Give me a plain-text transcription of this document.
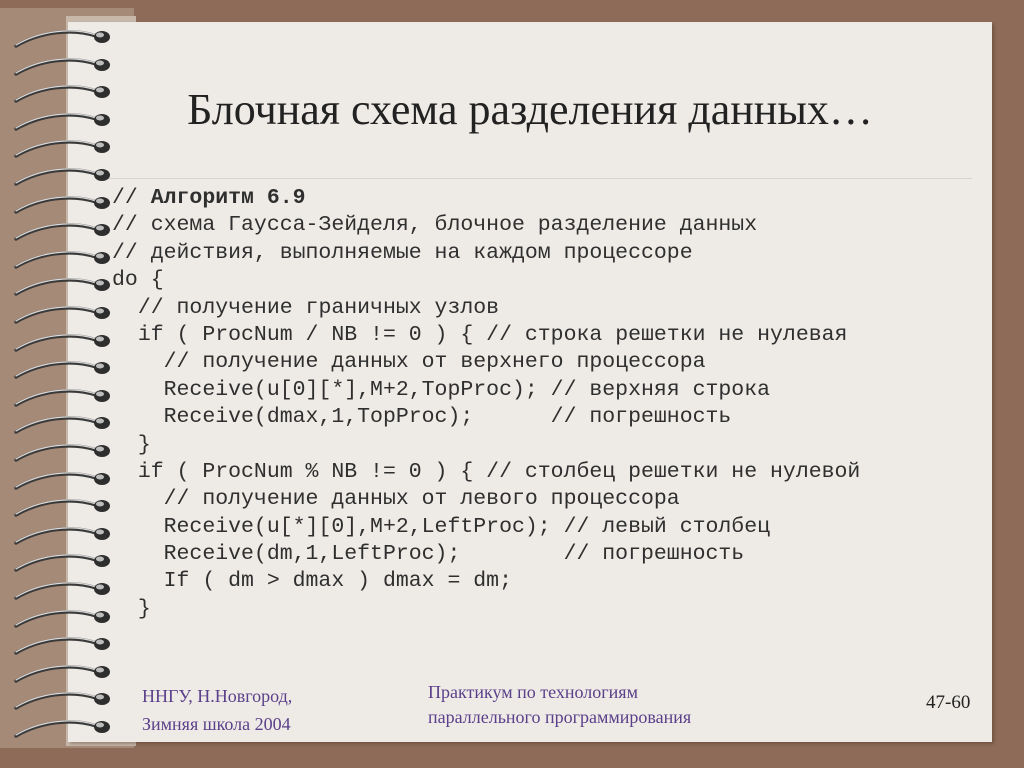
Блочная схема разделения данных…
// Алгоритм 6.9
// схема Гаусса-Зейделя, блочное разделение данных
// действия, выполняемые на каждом процессоре
do {
// получение граничных узлов
if ( ProcNum / NB != 0 ) { // строка решетки не нулевая
// получение данных от верхнего процессора
Receive(u[0][*],M+2,TopProc); // верхняя строка
Receive(dmax,1,TopProc);      // погрешность
}
if ( ProcNum % NB != 0 ) { // столбец решетки не нулевой
// получение данных от левого процессора
Receive(u[*][0],M+2,LeftProc); // левый столбец
Receive(dm,1,LeftProc);        // погрешность
If ( dm > dmax ) dmax = dm;
}
ННГУ, Н.Новгород,
Зимняя школа 2004
Практикум по технологиям
параллельного программирования
47-60
